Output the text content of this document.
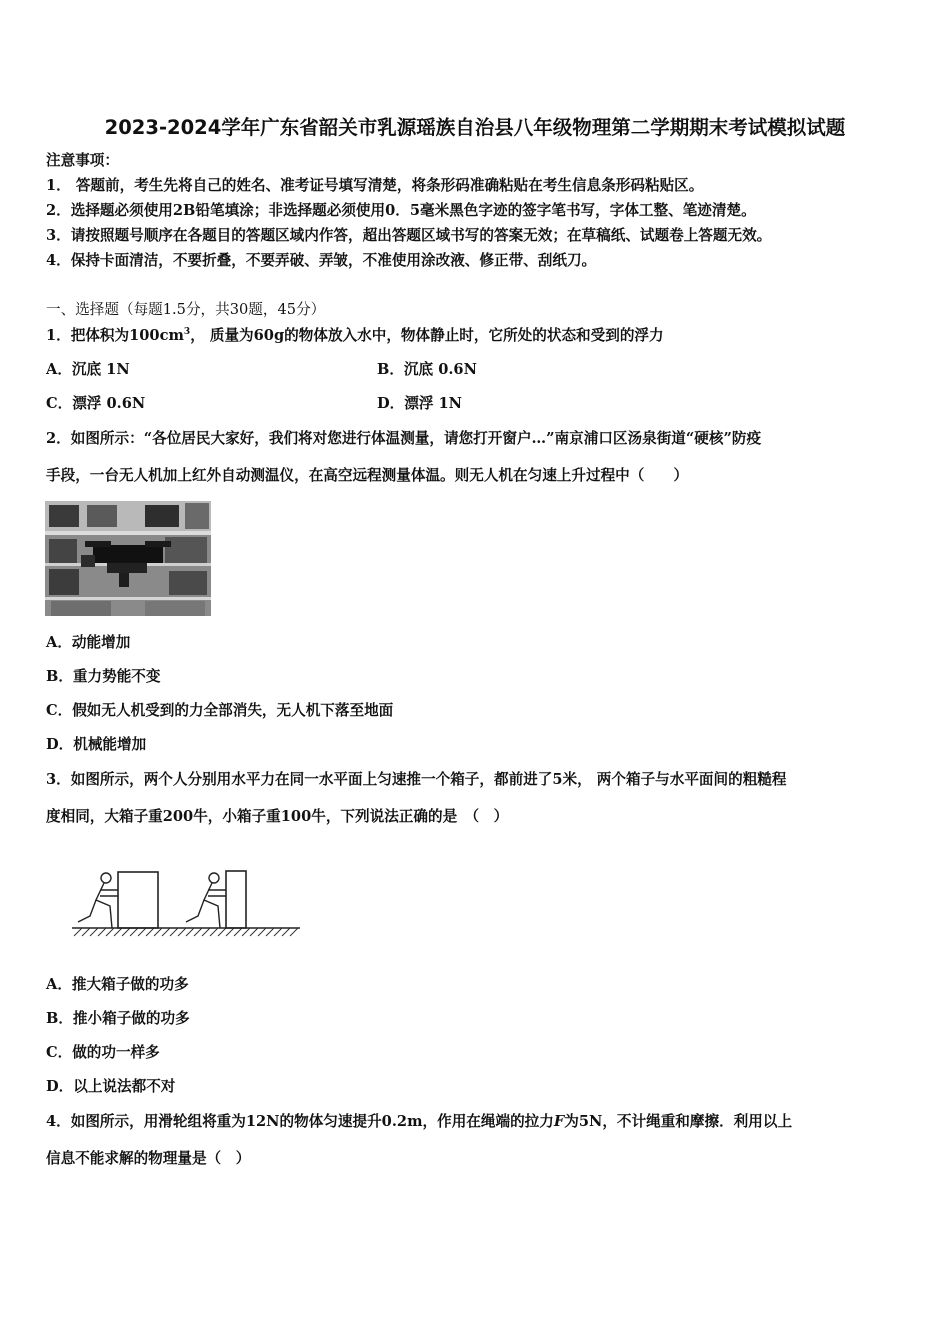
2023-2024学年广东省韶关市乳源瑶族自治县八年级物理第二学期期末考试模拟试题
注意事项：
1． 答题前，考生先将自己的姓名、准考证号填写清楚，将条形码准确粘贴在考生信息条形码粘贴区。
2．选择题必须使用2B铅笔填涂；非选择题必须使用0．5毫米黑色字迹的签字笔书写，字体工整、笔迹清楚。
3．请按照题号顺序在各题目的答题区域内作答，超出答题区域书写的答案无效；在草稿纸、试题卷上答题无效。
4．保持卡面清洁，不要折叠，不要弄破、弄皱，不准使用涂改液、修正带、刮纸刀。
一、选择题（每题1.5分，共30题，45分）
1．把体积为$100cm^3$， 质量为60g的物体放入水中，物体静止时，它所处的状态和受到的浮力
A．沉底 1N	B．沉底 0.6N
C．漂浮 0.6N	D．漂浮 1N
2．如图所示：“各位居民大家好，我们将对您进行体温测量，请您打开窗户…”南京浦口区汤泉街道“硬核”防疫
手段，一台无人机加上红外自动测温仪，在高空远程测量体温。则无人机在匀速上升过程中（　　）
A．动能增加
B．重力势能不变
C．假如无人机受到的力全部消失，无人机下落至地面
D．机械能增加
3．如图所示，两个人分别用水平力在同一水平面上匀速推一个箱子，都前进了5米， 两个箱子与水平面间的粗糙程
度相同，大箱子重200牛，小箱子重100牛，下列说法正确的是　（　）
A．推大箱子做的功多
B．推小箱子做的功多
C．做的功一样多
D．以上说法都不对
4．如图所示，用滑轮组将重为12N的物体匀速提升0.2m，作用在绳端的拉力F为5N，不计绳重和摩擦．利用以上
信息不能求解的物理量是（　）
